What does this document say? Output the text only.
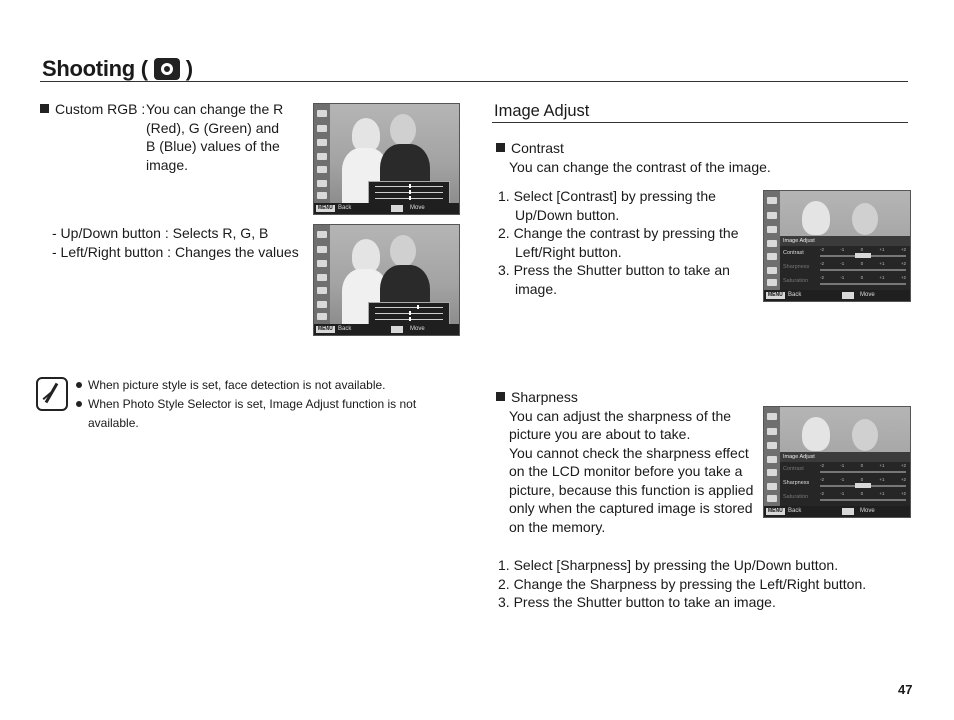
Shooting ( )
Custom RGB : You can change the R
(Red), G (Green) and
B (Blue) values of the
image.
- Up/Down button : Selects R, G, B
- Left/Right button : Changes the values
MENU Back	Move
MENU Back	Move
When picture style is set, face detection is not available.
When Photo Style Selector is set, Image Adjust function is not
available.
Image Adjust
Contrast
You can change the contrast of the image.
1. Select [Contrast] by pressing the
Up/Down button.
2. Change the contrast by pressing the
Left/Right button.
3. Press the Shutter button to take an
image.
Image Adjust
Contrast
-2	-1	0	+1	+2
Sharpness
-2	-1	0	+1	+2
Saturation
-2	-1	0	+1	+2
MENU Back	Move
Sharpness
You can adjust the sharpness of the
picture you are about to take.
You cannot check the sharpness effect
on the LCD monitor before you take a
picture, because this function is applied
only when the captured image is stored
on the memory.
Image Adjust
Contrast
-2	-1	0	+1	+2
Sharpness
-2	-1	0	+1	+2
Saturation
-2	-1	0	+1	+2
MENU Back	Move
1. Select [Sharpness] by pressing the Up/Down button.
2. Change the Sharpness by pressing the Left/Right button.
3. Press the Shutter button to take an image.
47
